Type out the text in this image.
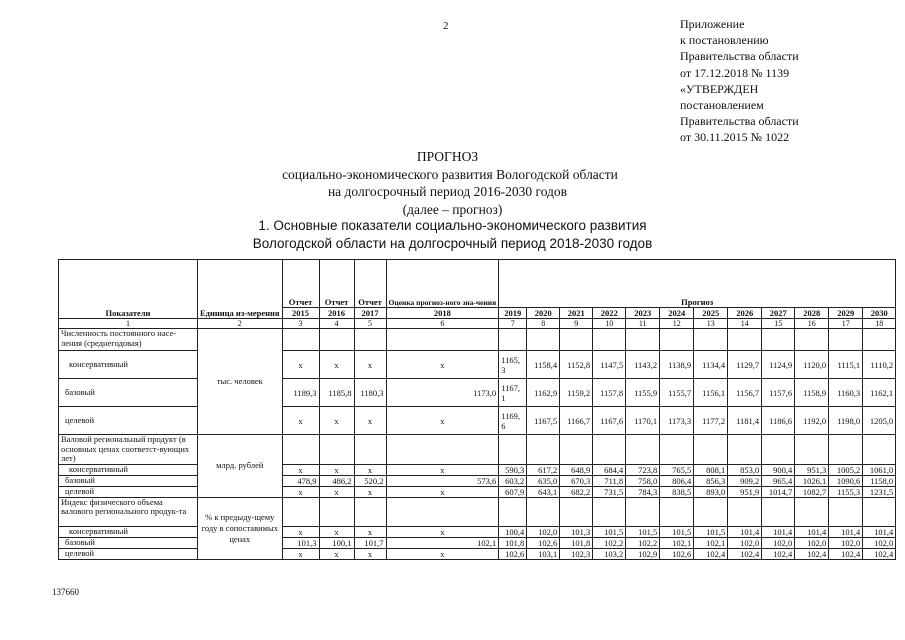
2	Приложение
к постановлению
Правительства области
от 17.12.2018 № 1139
«УТВЕРЖДЕН
постановлением
Правительства области
от 30.11.2015 № 1022
ПРОГНОЗ
социально-экономического развития Вологодской области
на долгосрочный период 2016-2030 годов
(далее – прогноз)
1. Основные показатели социально-экономического развития
Вологодской области на долгосрочный период 2018-2030 годов
Показатели	Единица из-мерения	Отчет	Отчет	Отчет	Оценка прогноз-ного зна-чения	Прогноз											
		2015	2016	2017	2018	2019	2020	2021	2022	2023	2024	2025	2026	2027	2028	2029	2030
1	2	3	4	5	6	7	8	9	10	11	12	13	14	15	16	17	18
Численность постоянного насе-ления (среднегодовая)	тыс. человек																
консервативный		x	x	x	x	1165,3	1158,4	1152,8	1147,5	1143,2	1138,9	1134,4	1129,7	1124,9	1120,0	1115,1	1110,2
базовый		1189,3	1185,8	1180,3	1173,0	1167,1	1162,9	1159,2	1157,8	1155,9	1155,7	1156,1	1156,7	1157,6	1158,9	1160,3	1162,1
целевой		x	x	x	x	1169,6	1167,5	1166,7	1167,6	1170,1	1173,3	1177,2	1181,4	1186,6	1192,0	1198,0	1205,0
Валовой региональный продукт (в основных ценах соответст-вующих лет)	млрд. рублей																
консервативный		x	x	x	x	590,3	617,2	648,9	684,4	723,8	765,5	808,1	853,0	900,4	951,3	1005,2	1061,0
базовый		478,9	486,2	520,2	573,6	603,2	635,0	670,3	711,8	758,0	806,4	856,3	909,2	965,4	1026,1	1090,6	1158,0
целевой		x	x	x	x	607,9	643,1	682,2	731,5	784,3	838,5	893,0	951,9	1014,7	1082,7	1155,3	1231,5
Индекс физического объема валового регионального продук-та	% к предыду-щему году в сопоставимых ценах																
консервативный		x	x	x	x	100,4	102,0	101,3	101,5	101,5	101,5	101,5	101,4	101,4	101,4	101,4	101,4
базовый		101,3	100,1	101,7	102,1	101,8	102,6	101,8	102,2	102,2	102,1	102,1	102,0	102,0	102,0	102,0	102,0
целевой		x	x	x	x	102,6	103,1	102,3	103,2	102,9	102,6	102,4	102,4	102,4	102,4	102,4	102,4
137660
